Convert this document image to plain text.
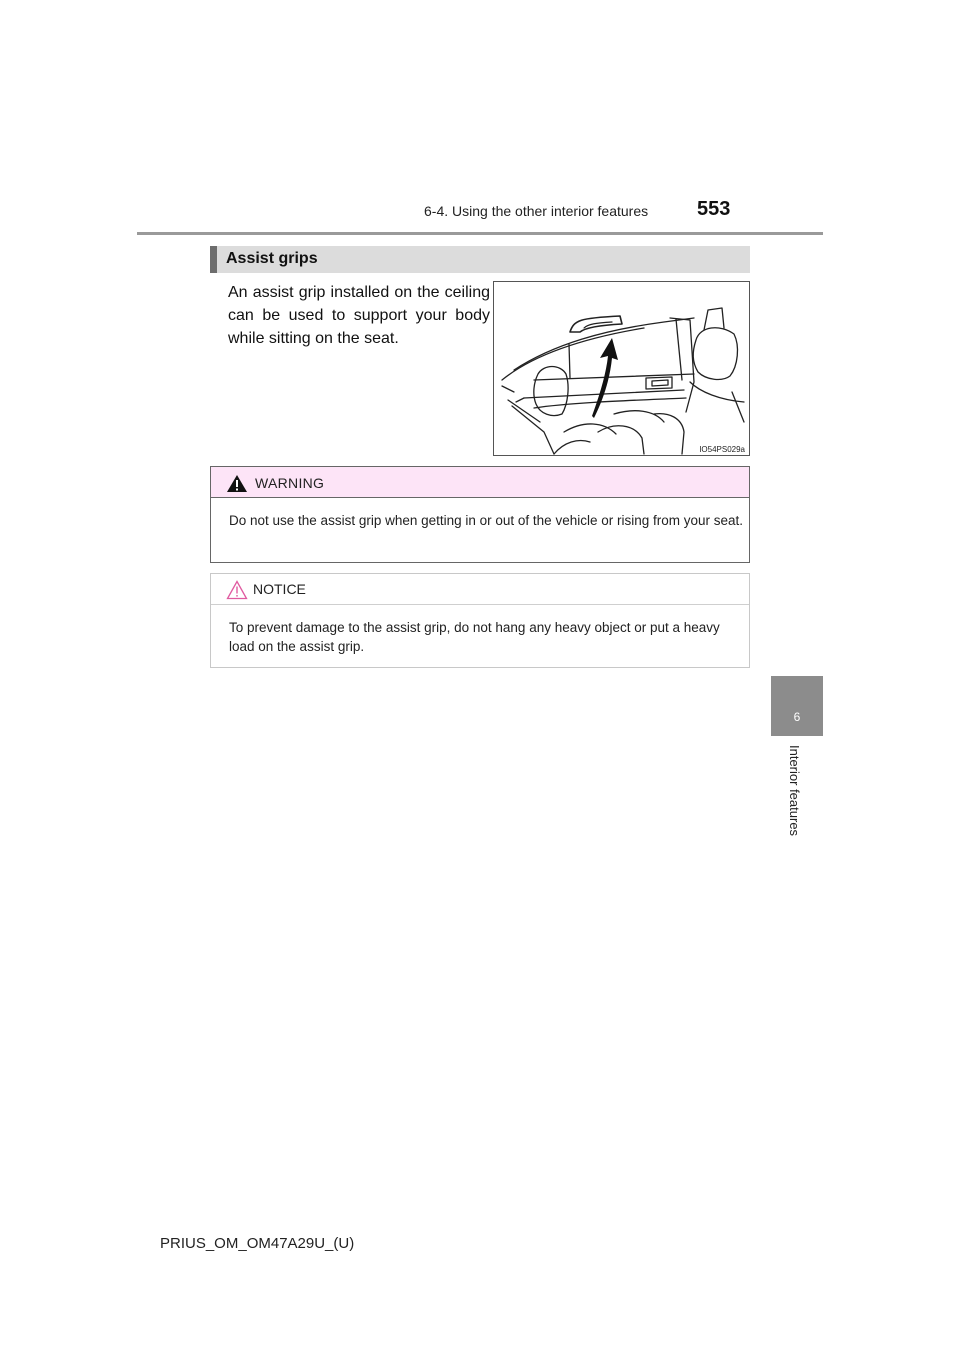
6-4. Using the other interior features 553
6
Interior features
Assist grips
An assist grip installed on the ceiling can be used to support your body while sitting on the seat.
IO54PS029a
WARNING
Do not use the assist grip when getting in or out of the vehicle or rising from your seat.
NOTICE
To prevent damage to the assist grip, do not hang any heavy object or put a heavy load on the assist grip.
PRIUS_OM_OM47A29U_(U)
